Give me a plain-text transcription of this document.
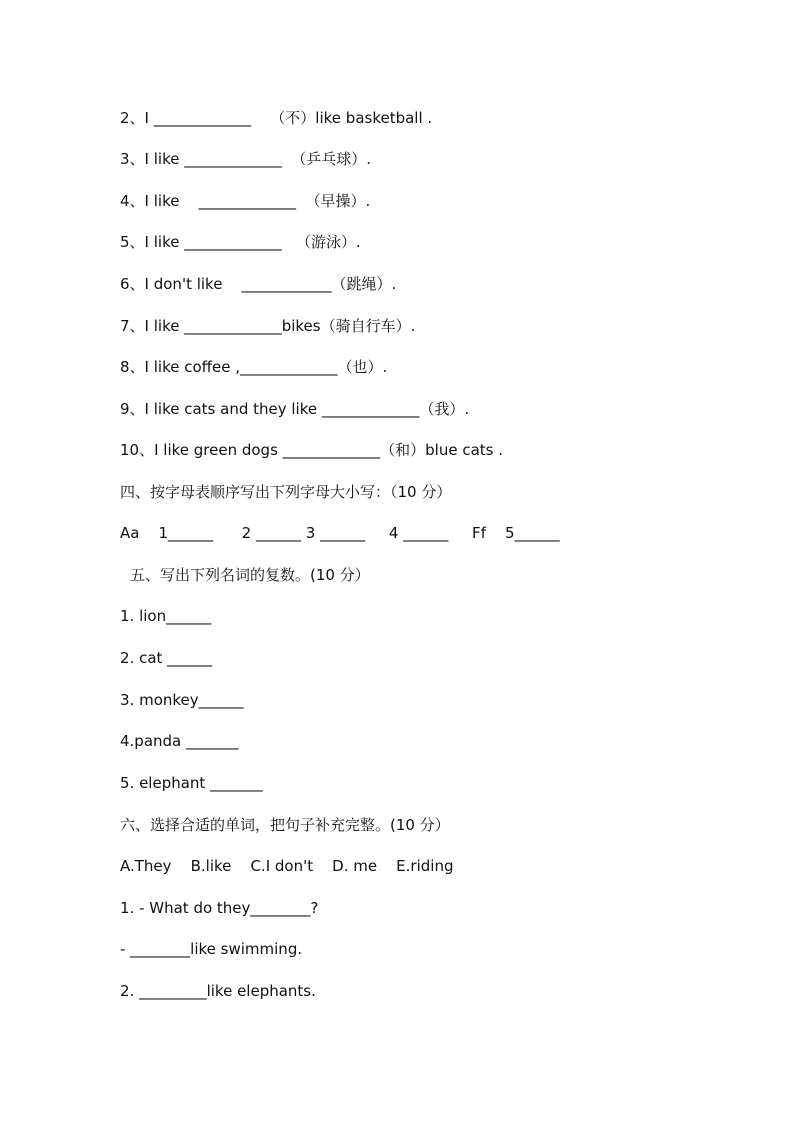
2、I _____________    （不）like basketball .
3、I like _____________  （乒乓球）.
4、I like    _____________  （早操）.
5、I like _____________   （游泳）.
6、I don't like    ____________（跳绳）.
7、I like _____________bikes（骑自行车）.
8、I like coffee ,_____________（也）.
9、I like cats and they like _____________（我）.
10、I like green dogs _____________（和）blue cats .
四、按字母表顺序写出下列字母大小写：（10 分）
Aa    1______      2 ______ 3 ______     4 ______     Ff    5______
五、写出下列名词的复数。(10 分）
1. lion______
2. cat ______
3. monkey______
4.panda _______
5. elephant _______
六、选择合适的单词，把句子补充完整。(10 分）
A.They    B.like    C.I don't    D. me    E.riding
1. - What do they________?
- ________like swimming.
2. _________like elephants.
